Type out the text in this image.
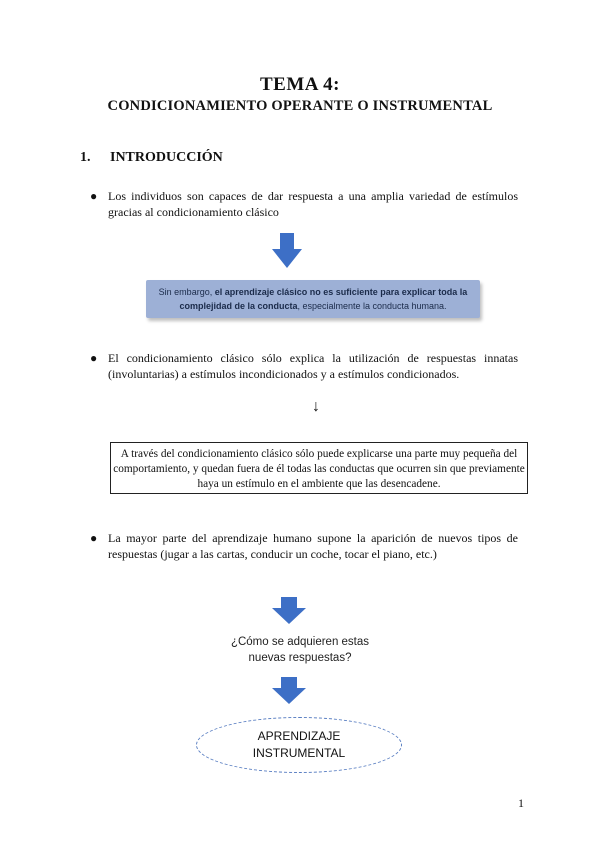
TEMA 4:
CONDICIONAMIENTO OPERANTE O INSTRUMENTAL
1. INTRODUCCIÓN
● Los individuos son capaces de dar respuesta a una amplia variedad de estímulos gracias al condicionamiento clásico
Sin embargo, el aprendizaje clásico no es suficiente para explicar toda la complejidad de la conducta, especialmente la conducta humana.
● El condicionamiento clásico sólo explica la utilización de respuestas innatas (involuntarias) a estímulos incondicionados y a estímulos condicionados.
↓
A través del condicionamiento clásico sólo puede explicarse una parte muy pequeña del comportamiento, y quedan fuera de él todas las conductas que ocurren sin que previamente haya un estímulo en el ambiente que las desencadene.
● La mayor parte del aprendizaje humano supone la aparición de nuevos tipos de respuestas (jugar a las cartas, conducir un coche, tocar el piano, etc.)
¿Cómo se adquieren estas
nuevas respuestas?
APRENDIZAJE
INSTRUMENTAL
1
